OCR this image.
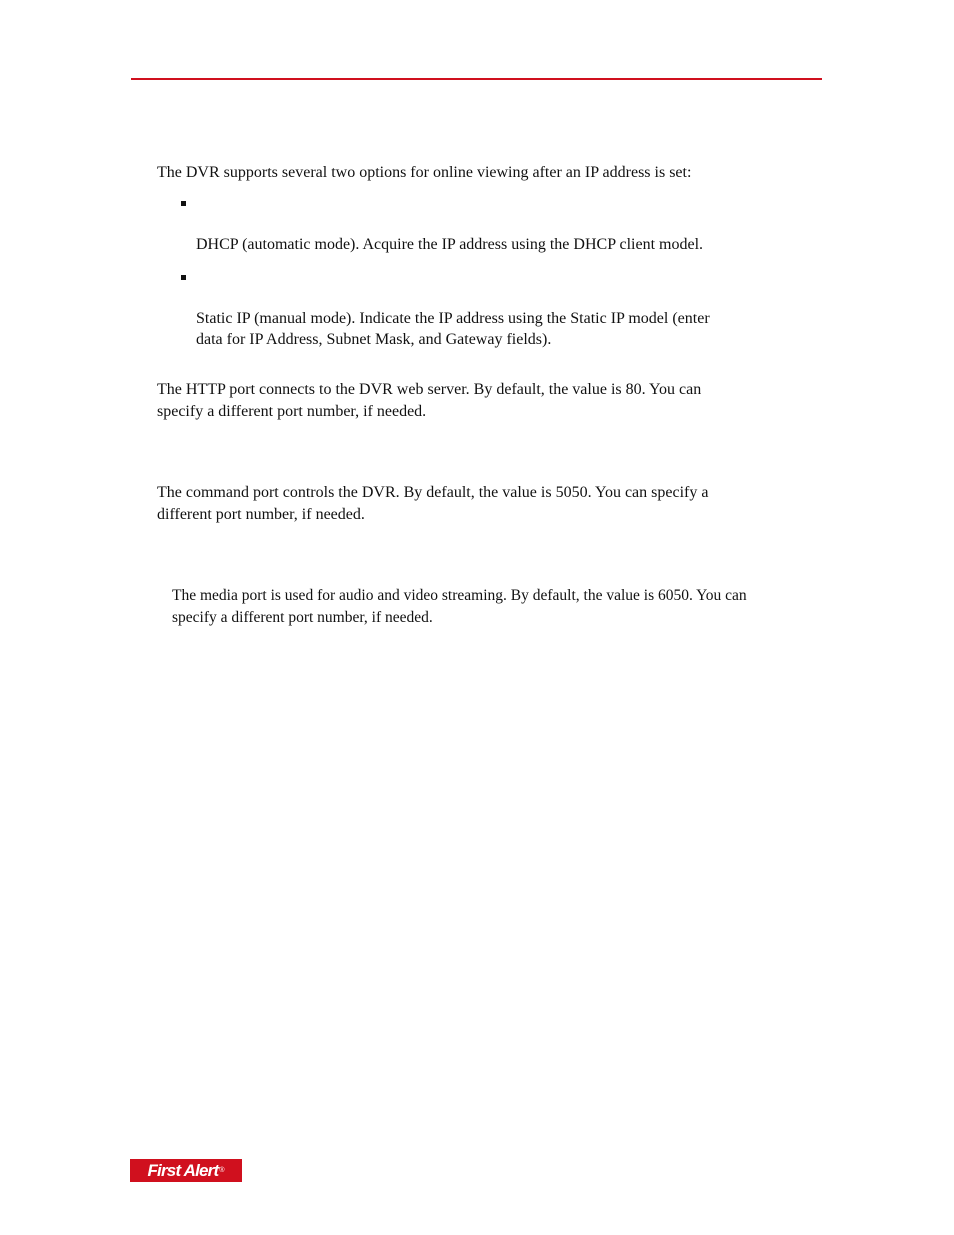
The DVR supports several two options for online viewing after an IP address is set:

DHCP (automatic mode). Acquire the IP address using the DHCP client model.

Static IP (manual mode). Indicate the IP address using the Static IP model (enter
data for IP Address, Subnet Mask, and Gateway fields).

The HTTP port connects to the DVR web server. By default, the value is 80. You can
specify a different port number, if needed.

The command port controls the DVR. By default, the value is 5050. You can specify a
different port number, if needed.

The media port is used for audio and video streaming. By default, the value is 6050. You can
specify a different port number, if needed.

First Alert ®
